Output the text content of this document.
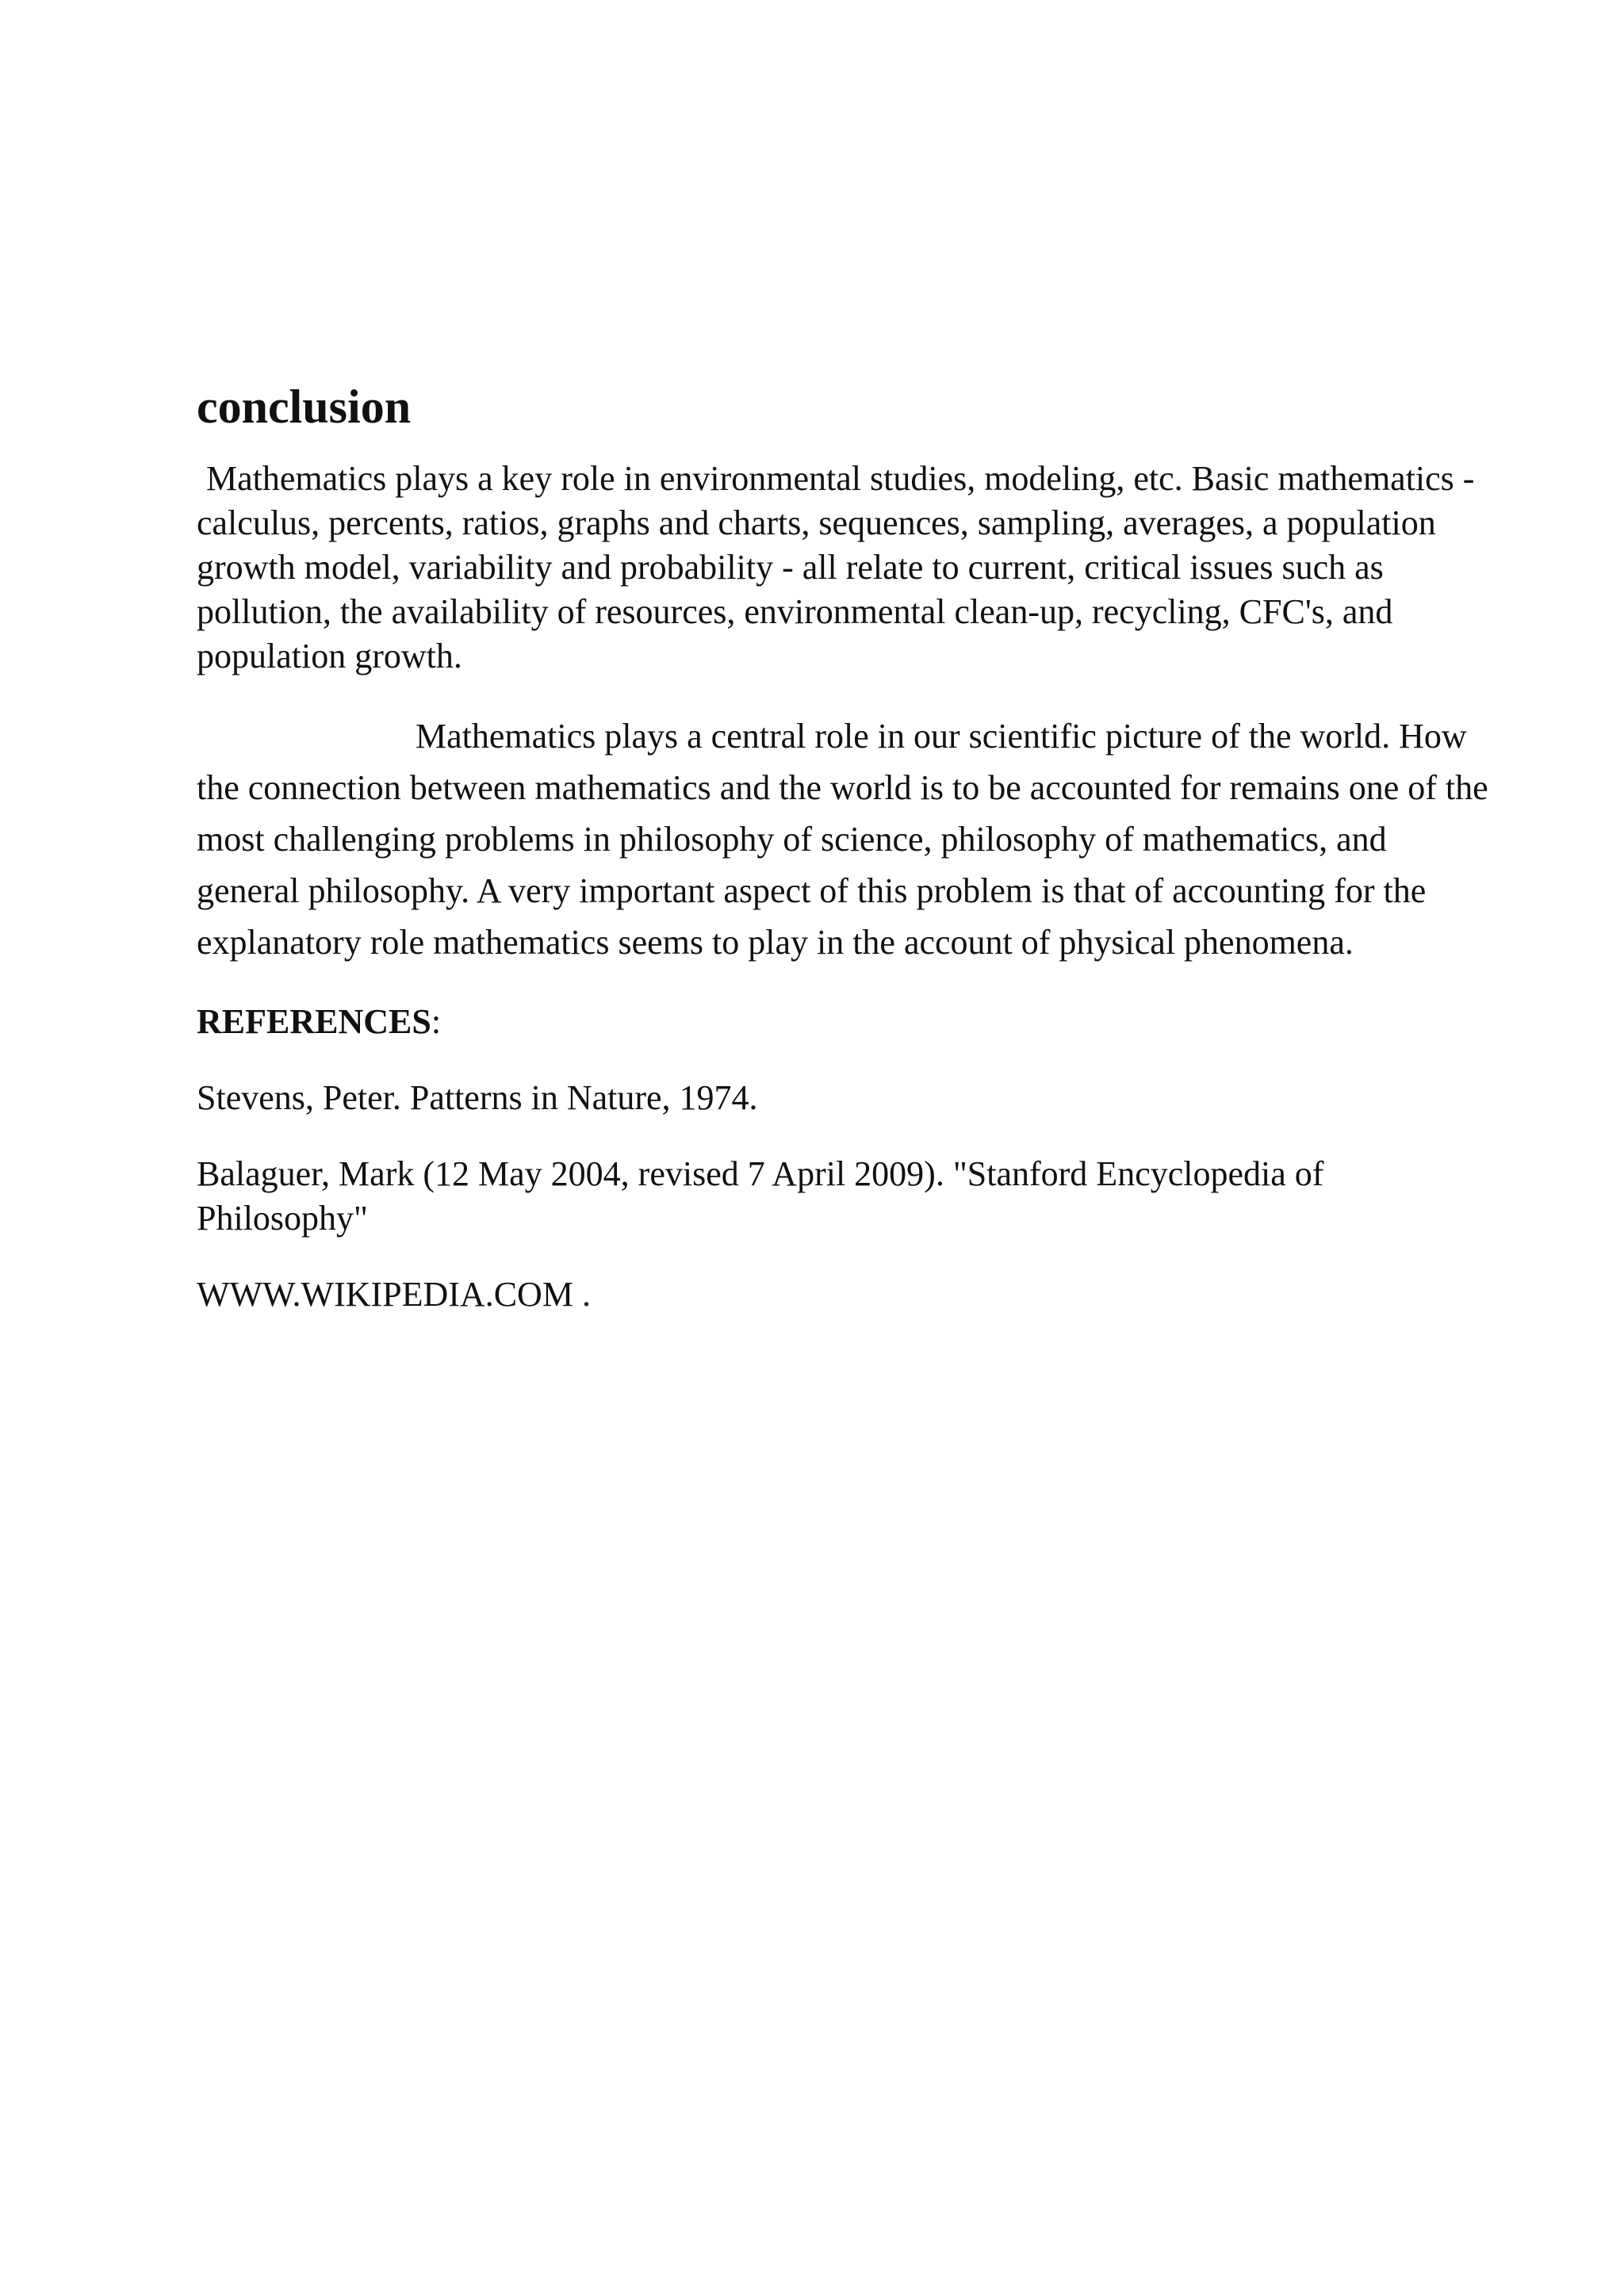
conclusion

Mathematics plays a key role in environmental studies, modeling, etc. Basic mathematics - calculus, percents, ratios, graphs and charts, sequences, sampling, averages, a population growth model, variability and probability - all relate to current, critical issues such as pollution, the availability of resources, environmental clean-up, recycling, CFC's, and population growth.

Mathematics plays a central role in our scientific picture of the world. How the connection between mathematics and the world is to be accounted for remains one of the most challenging problems in philosophy of science, philosophy of mathematics, and general philosophy. A very important aspect of this problem is that of accounting for the explanatory role mathematics seems to play in the account of physical phenomena.

REFERENCES:

Stevens, Peter. Patterns in Nature, 1974.

Balaguer, Mark (12 May 2004, revised 7 April 2009). "Stanford Encyclopedia of Philosophy"

WWW.WIKIPEDIA.COM .
